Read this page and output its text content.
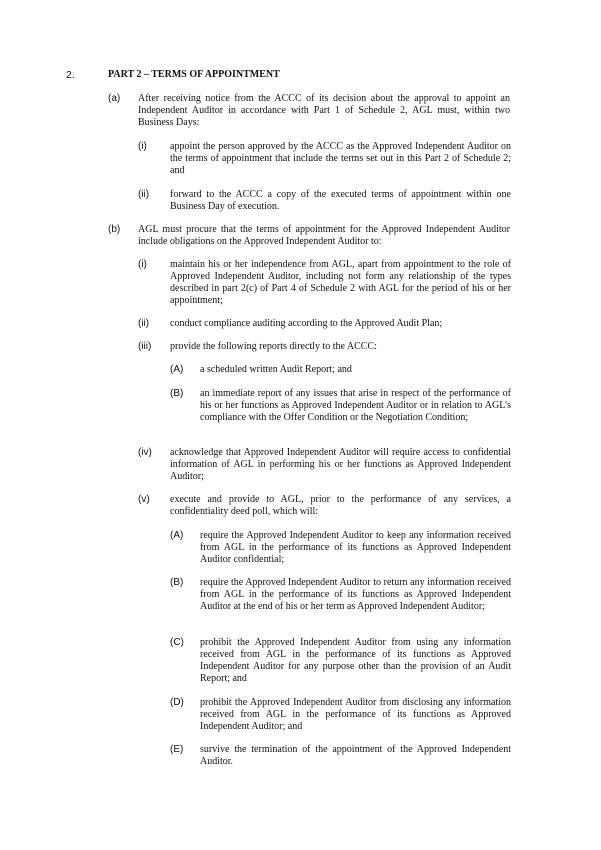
2.	PART 2 – TERMS OF APPOINTMENT
(a) After receiving notice from the ACCC of its decision about the approval to appoint an Independent Auditor in accordance with Part 1 of Schedule 2, AGL must, within two Business Days:
(i) appoint the person approved by the ACCC as the Approved Independent Auditor on the terms of appointment that include the terms set out in this Part 2 of Schedule 2; and
(ii) forward to the ACCC a copy of the executed terms of appointment within one Business Day of execution.
(b) AGL must procure that the terms of appointment for the Approved Independent Auditor include obligations on the Approved Independent Auditor to:
(i) maintain his or her independence from AGL, apart from appointment to the role of Approved Independent Auditor, including not form any relationship of the types described in part 2(c) of Part 4 of Schedule 2 with AGL for the period of his or her appointment;
(ii) conduct compliance auditing according to the Approved Audit Plan;
(iii) provide the following reports directly to the ACCC:
(A) a scheduled written Audit Report; and
(B) an immediate report of any issues that arise in respect of the performance of his or her functions as Approved Independent Auditor or in relation to AGL's compliance with the Offer Condition or the Negotiation Condition;
(iv) acknowledge that Approved Independent Auditor will require access to confidential information of AGL in performing his or her functions as Approved Independent Auditor;
(v) execute and provide to AGL, prior to the performance of any services, a confidentiality deed poll, which will:
(A) require the Approved Independent Auditor to keep any information received from AGL in the performance of its functions as Approved Independent Auditor confidential;
(B) require the Approved Independent Auditor to return any information received from AGL in the performance of its functions as Approved Independent Auditor at the end of his or her term as Approved Independent Auditor;
(C) prohibit the Approved Independent Auditor from using any information received from AGL in the performance of its functions as Approved Independent Auditor for any purpose other than the provision of an Audit Report; and
(D) prohibit the Approved Independent Auditor from disclosing any information received from AGL in the performance of its functions as Approved Independent Auditor; and
(E) survive the termination of the appointment of the Approved Independent Auditor.
